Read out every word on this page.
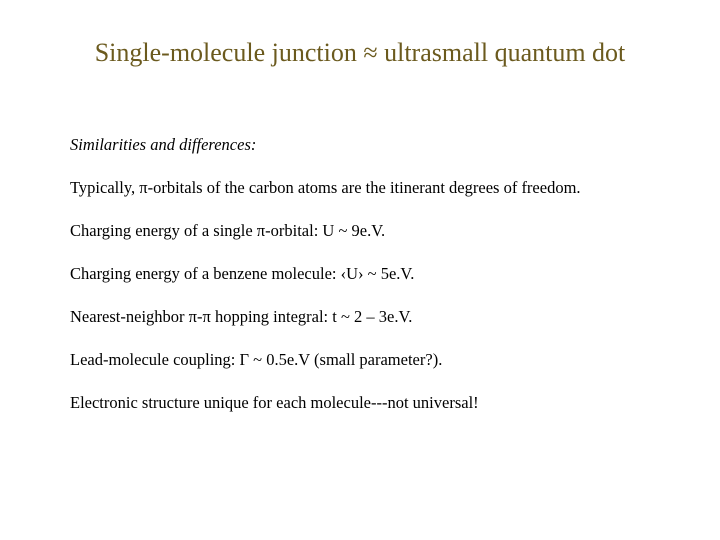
Single-molecule junction ≈ ultrasmall quantum dot
Similarities and differences:
Typically, π-orbitals of the carbon atoms are the itinerant degrees of freedom.
Charging energy of a single π-orbital: U ~ 9e.V.
Charging energy of a benzene molecule: ‹U› ~ 5e.V.
Nearest-neighbor π-π hopping integral: t ~ 2 – 3e.V.
Lead-molecule coupling: Γ ~ 0.5e.V (small parameter?).
Electronic structure unique for each molecule---not universal!
